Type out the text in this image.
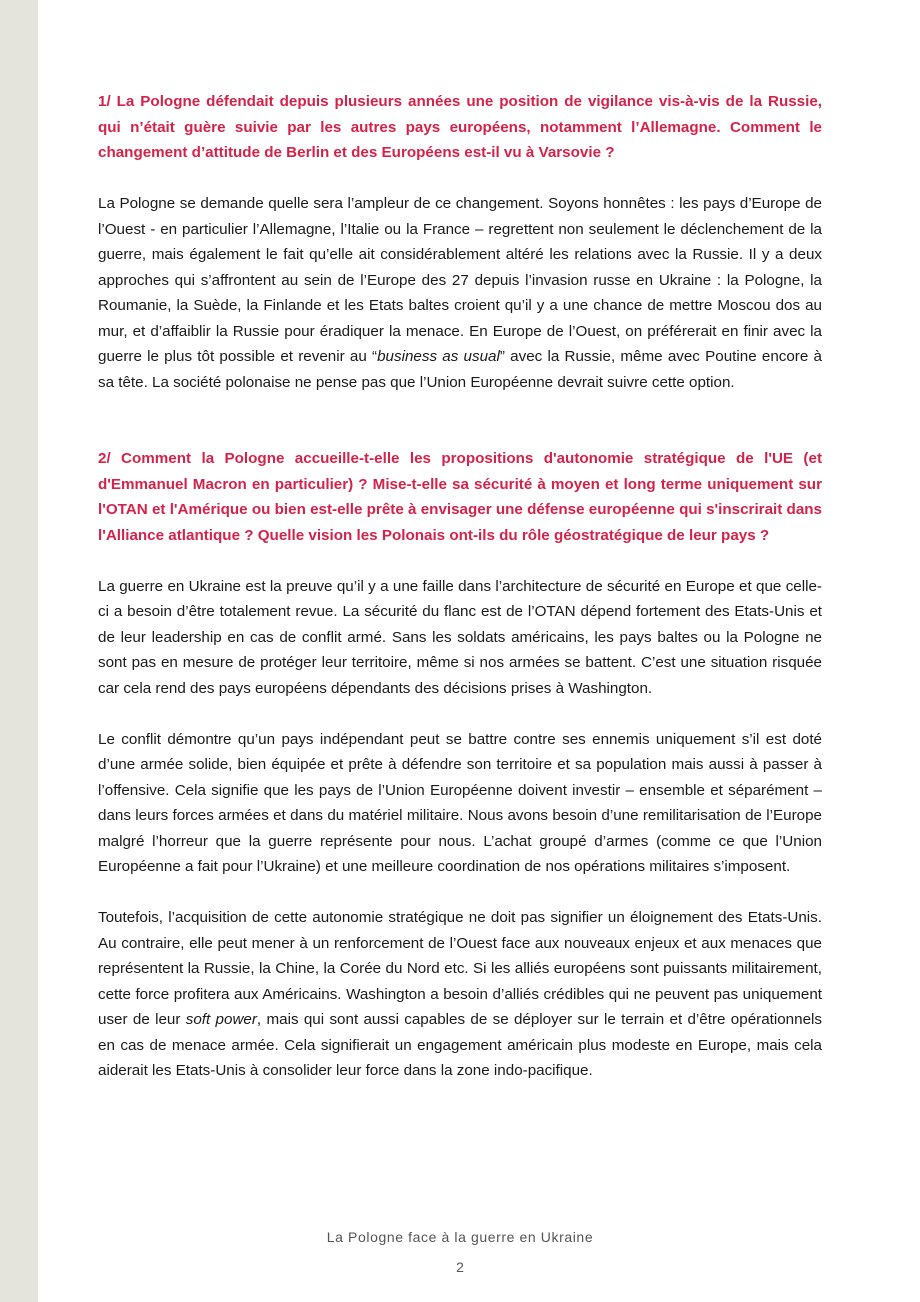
1/ La Pologne défendait depuis plusieurs années une position de vigilance vis-à-vis de la Russie, qui n’était guère suivie par les autres pays européens, notamment l’Allemagne. Comment le changement d’attitude de Berlin et des Européens est-il vu à Varsovie ?

La Pologne se demande quelle sera l’ampleur de ce changement. Soyons honnêtes : les pays d’Europe de l’Ouest - en particulier l’Allemagne, l’Italie ou la France – regrettent non seulement le déclenchement de la guerre, mais également le fait qu’elle ait considérablement altéré les relations avec la Russie. Il y a deux approches qui s’affrontent au sein de l’Europe des 27 depuis l’invasion russe en Ukraine : la Pologne, la Roumanie, la Suède, la Finlande et les Etats baltes croient qu’il y a une chance de mettre Moscou dos au mur, et d’affaiblir la Russie pour éradiquer la menace. En Europe de l’Ouest, on préférerait en finir avec la guerre le plus tôt possible et revenir au “business as usual” avec la Russie, même avec Poutine encore à sa tête. La société polonaise ne pense pas que l’Union Européenne devrait suivre cette option.

2/ Comment la Pologne accueille-t-elle les propositions d'autonomie stratégique de l'UE (et d'Emmanuel Macron en particulier) ? Mise-t-elle sa sécurité à moyen et long terme uniquement sur l'OTAN et l'Amérique ou bien est-elle prête à envisager une défense européenne qui s'inscrirait dans l'Alliance atlantique ? Quelle vision les Polonais ont-ils du rôle géostratégique de leur pays ?

La guerre en Ukraine est la preuve qu’il y a une faille dans l’architecture de sécurité en Europe et que celle-ci a besoin d’être totalement revue. La sécurité du flanc est de l’OTAN dépend fortement des Etats-Unis et de leur leadership en cas de conflit armé. Sans les soldats américains, les pays baltes ou la Pologne ne sont pas en mesure de protéger leur territoire, même si nos armées se battent. C’est une situation risquée car cela rend des pays européens dépendants des décisions prises à Washington.

Le conflit démontre qu’un pays indépendant peut se battre contre ses ennemis uniquement s’il est doté d’une armée solide, bien équipée et prête à défendre son territoire et sa population mais aussi à passer à l’offensive. Cela signifie que les pays de l’Union Européenne doivent investir – ensemble et séparément – dans leurs forces armées et dans du matériel militaire. Nous avons besoin d’une remilitarisation de l’Europe malgré l’horreur que la guerre représente pour nous. L’achat groupé d’armes (comme ce que l’Union Européenne a fait pour l’Ukraine) et une meilleure coordination de nos opérations militaires s’imposent.

Toutefois, l’acquisition de cette autonomie stratégique ne doit pas signifier un éloignement des Etats-Unis. Au contraire, elle peut mener à un renforcement de l’Ouest face aux nouveaux enjeux et aux menaces que représentent la Russie, la Chine, la Corée du Nord etc. Si les alliés européens sont puissants militairement, cette force profitera aux Américains. Washington a besoin d’alliés crédibles qui ne peuvent pas uniquement user de leur soft power, mais qui sont aussi capables de se déployer sur le terrain et d’être opérationnels en cas de menace armée. Cela signifierait un engagement américain plus modeste en Europe, mais cela aiderait les Etats-Unis à consolider leur force dans la zone indo-pacifique.

La Pologne face à la guerre en Ukraine
2
